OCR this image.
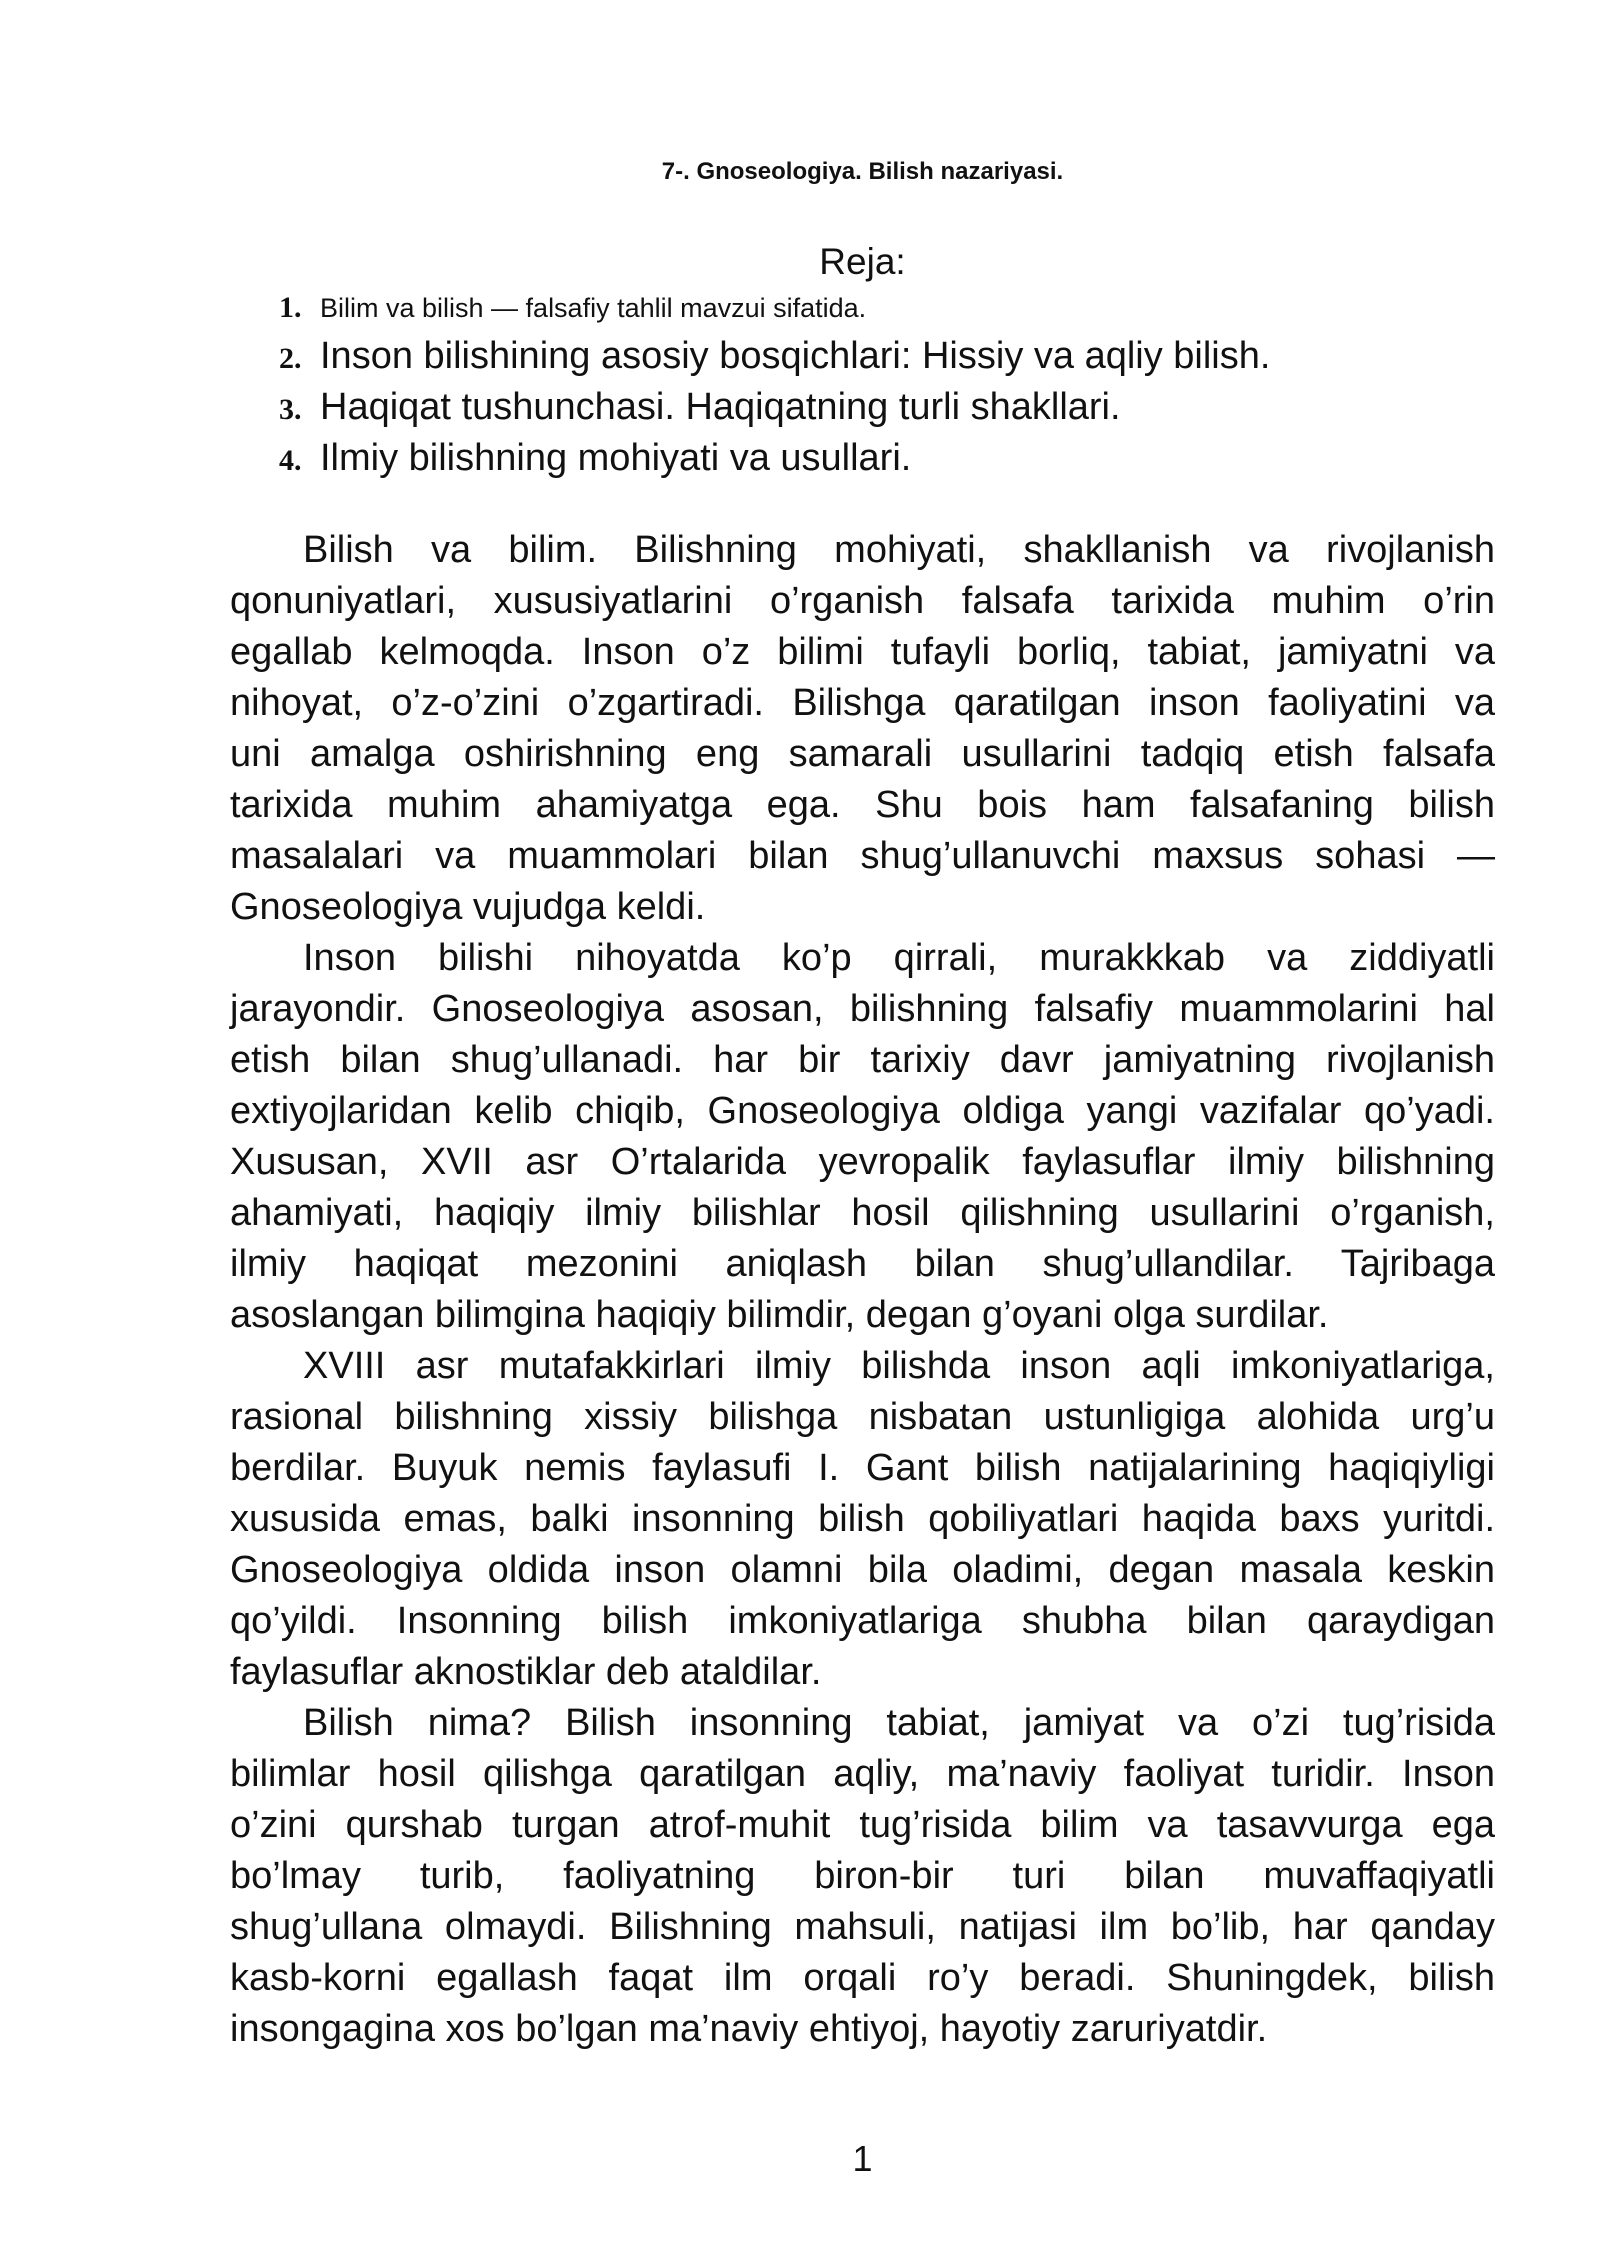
7-. Gnoseologiya. Bilish nazariyasi.
Reja:
1. Bilim va bilish — falsafiy tahlil mavzui sifatida.
2. Inson bilishining asosiy bosqichlari: Hissiy va aqliy bilish.
3. Haqiqat tushunchasi. Haqiqatning turli shakllari.
4. Ilmiy bilishning mohiyati va usullari.
Bilish va bilim. Bilishning mohiyati, shakllanish va rivojlanish
qonuniyatlari, xususiyatlarini o’rganish falsafa tarixida muhim o’rin
egallab kelmoqda. Inson o’z bilimi tufayli borliq, tabiat, jamiyatni va
nihoyat, o’z-o’zini o’zgartiradi. Bilishga qaratilgan inson faoliyatini va
uni amalga oshirishning eng samarali usullarini tadqiq etish falsafa
tarixida muhim ahamiyatga ega. Shu bois ham falsafaning bilish
masalalari va muammolari bilan shug’ullanuvchi maxsus sohasi —
Gnoseologiya vujudga keldi.
Inson bilishi nihoyatda ko’p qirrali, murakkkab va ziddiyatli
jarayondir. Gnoseologiya asosan, bilishning falsafiy muammolarini hal
etish bilan shug’ullanadi. har bir tarixiy davr jamiyatning rivojlanish
extiyojlaridan kelib chiqib, Gnoseologiya oldiga yangi vazifalar qo’yadi.
Xususan, XVII asr O’rtalarida yevropalik faylasuflar ilmiy bilishning
ahamiyati, haqiqiy ilmiy bilishlar hosil qilishning usullarini o’rganish,
ilmiy haqiqat mezonini aniqlash bilan shug’ullandilar. Tajribaga
asoslangan bilimgina haqiqiy bilimdir, degan g’oyani olga surdilar.
XVIII asr mutafakkirlari ilmiy bilishda inson aqli imkoniyatlariga,
rasional bilishning xissiy bilishga nisbatan ustunligiga alohida urg’u
berdilar. Buyuk nemis faylasufi I. Gant bilish natijalarining haqiqiyligi
xususida emas, balki insonning bilish qobiliyatlari haqida baxs yuritdi.
Gnoseologiya oldida inson olamni bila oladimi, degan masala keskin
qo’yildi. Insonning bilish imkoniyatlariga shubha bilan qaraydigan
faylasuflar aknostiklar deb ataldilar.
Bilish nima? Bilish insonning tabiat, jamiyat va o’zi tug’risida
bilimlar hosil qilishga qaratilgan aqliy, ma’naviy faoliyat turidir. Inson
o’zini qurshab turgan atrof-muhit tug’risida bilim va tasavvurga ega
bo’lmay turib, faoliyatning biron-bir turi bilan muvaffaqiyatli
shug’ullana olmaydi. Bilishning mahsuli, natijasi ilm bo’lib, har qanday
kasb-korni egallash faqat ilm orqali ro’y beradi. Shuningdek, bilish
insongagina xos bo’lgan ma’naviy ehtiyoj, hayotiy zaruriyatdir.
1
